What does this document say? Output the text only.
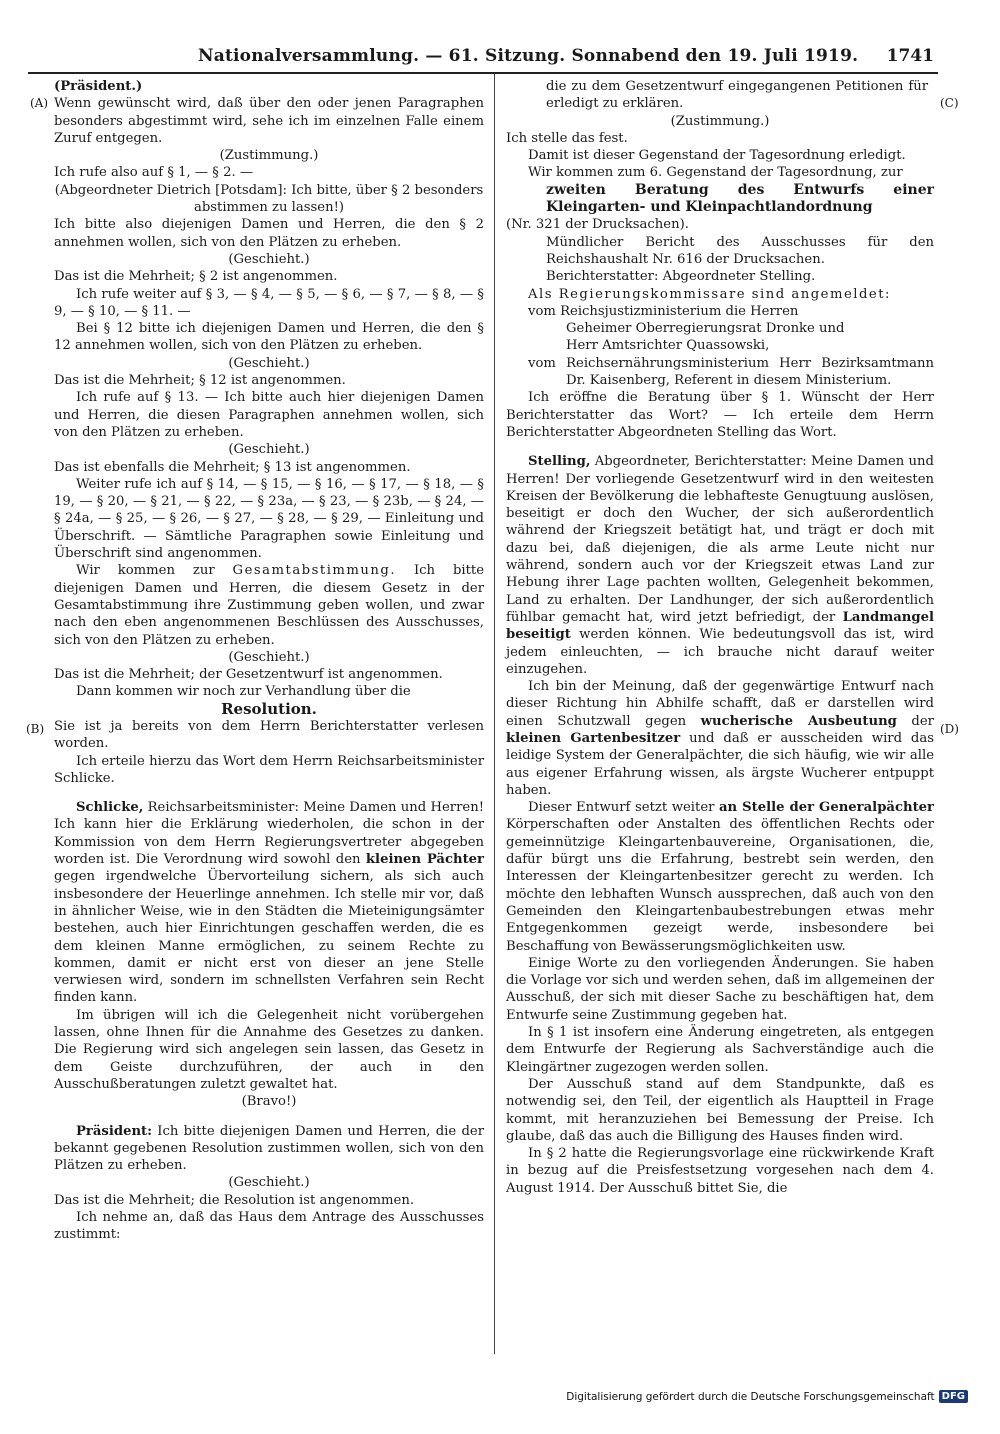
Nationalversammlung. — 61. Sitzung. Sonnabend den 19. Juli 1919. 1741
(A)
(B)
(C)
(D)

(Präsident.)

Wenn gewünscht wird, daß über den oder jenen Paragraphen besonders abgestimmt wird, sehe ich im einzelnen Falle einem Zuruf entgegen.

(Zustimmung.)

Ich rufe also auf § 1, — § 2. —

(Abgeordneter Dietrich [Potsdam]: Ich bitte, über § 2 besonders abstimmen zu lassen!)

Ich bitte also diejenigen Damen und Herren, die den § 2 annehmen wollen, sich von den Plätzen zu erheben.

(Geschieht.)

Das ist die Mehrheit; § 2 ist angenommen.

Ich rufe weiter auf § 3, — § 4, — § 5, — § 6, — § 7, — § 8, — § 9, — § 10, — § 11. —

Bei § 12 bitte ich diejenigen Damen und Herren, die den § 12 annehmen wollen, sich von den Plätzen zu erheben.

(Geschieht.)

Das ist die Mehrheit; § 12 ist angenommen.

Ich rufe auf § 13. — Ich bitte auch hier diejenigen Damen und Herren, die diesen Paragraphen annehmen wollen, sich von den Plätzen zu erheben.

(Geschieht.)

Das ist ebenfalls die Mehrheit; § 13 ist angenommen.

Weiter rufe ich auf § 14, — § 15, — § 16, — § 17, — § 18, — § 19, — § 20, — § 21, — § 22, — § 23a, — § 23, — § 23b, — § 24, — § 24a, — § 25, — § 26, — § 27, — § 28, — § 29, — Einleitung und Überschrift. — Sämtliche Paragraphen sowie Einleitung und Überschrift sind angenommen.

Wir kommen zur Gesamtabstimmung. Ich bitte diejenigen Damen und Herren, die diesem Gesetz in der Gesamtabstimmung ihre Zustimmung geben wollen, und zwar nach den eben angenommenen Beschlüssen des Ausschusses, sich von den Plätzen zu erheben.

(Geschieht.)

Das ist die Mehrheit; der Gesetzentwurf ist angenommen.

Dann kommen wir noch zur Verhandlung über die

Resolution.

Sie ist ja bereits von dem Herrn Berichterstatter verlesen worden.

Ich erteile hierzu das Wort dem Herrn Reichsarbeitsminister Schlicke.

Schlicke, Reichsarbeitsminister: Meine Damen und Herren! Ich kann hier die Erklärung wiederholen, die schon in der Kommission von dem Herrn Regierungsvertreter abgegeben worden ist. Die Verordnung wird sowohl den kleinen Pächter gegen irgendwelche Übervorteilung sichern, als sich auch insbesondere der Heuerlinge annehmen. Ich stelle mir vor, daß in ähnlicher Weise, wie in den Städten die Mieteinigungsämter bestehen, auch hier Einrichtungen geschaffen werden, die es dem kleinen Manne ermöglichen, zu seinem Rechte zu kommen, damit er nicht erst von dieser an jene Stelle verwiesen wird, sondern im schnellsten Verfahren sein Recht finden kann.

Im übrigen will ich die Gelegenheit nicht vorübergehen lassen, ohne Ihnen für die Annahme des Gesetzes zu danken. Die Regierung wird sich angelegen sein lassen, das Gesetz in dem Geiste durchzuführen, der auch in den Ausschußberatungen zuletzt gewaltet hat.

(Bravo!)

Präsident: Ich bitte diejenigen Damen und Herren, die der bekannt gegebenen Resolution zustimmen wollen, sich von den Plätzen zu erheben.

(Geschieht.)

Das ist die Mehrheit; die Resolution ist angenommen.

Ich nehme an, daß das Haus dem Antrage des Ausschusses zustimmt:

die zu dem Gesetzentwurf eingegangenen Petitionen für erledigt zu erklären.

(Zustimmung.)

Ich stelle das fest.

Damit ist dieser Gegenstand der Tagesordnung erledigt.

Wir kommen zum 6. Gegenstand der Tagesordnung, zur

zweiten Beratung des Entwurfs einer Kleingarten- und Kleinpachtlandordnung

(Nr. 321 der Drucksachen).

Mündlicher Bericht des Ausschusses für den Reichshaushalt Nr. 616 der Drucksachen.

Berichterstatter: Abgeordneter Stelling.

Als Regierungskommissare sind angemeldet:

vom Reichsjustizministerium die Herren

Geheimer Oberregierungsrat Dronke und

Herr Amtsrichter Quassowski,

vom Reichsernährungsministerium Herr Bezirksamtmann Dr. Kaisenberg, Referent in diesem Ministerium.

Ich eröffne die Beratung über § 1. Wünscht der Herr Berichterstatter das Wort? — Ich erteile dem Herrn Berichterstatter Abgeordneten Stelling das Wort.

Stelling, Abgeordneter, Berichterstatter: Meine Damen und Herren! Der vorliegende Gesetzentwurf wird in den weitesten Kreisen der Bevölkerung die lebhafteste Genugtuung auslösen, beseitigt er doch den Wucher, der sich außerordentlich während der Kriegszeit betätigt hat, und trägt er doch mit dazu bei, daß diejenigen, die als arme Leute nicht nur während, sondern auch vor der Kriegszeit etwas Land zur Hebung ihrer Lage pachten wollten, Gelegenheit bekommen, Land zu erhalten. Der Landhunger, der sich außerordentlich fühlbar gemacht hat, wird jetzt befriedigt, der Landmangel beseitigt werden können. Wie bedeutungsvoll das ist, wird jedem einleuchten, — ich brauche nicht darauf weiter einzugehen.

Ich bin der Meinung, daß der gegenwärtige Entwurf nach dieser Richtung hin Abhilfe schafft, daß er darstellen wird einen Schutzwall gegen wucherische Ausbeutung der kleinen Gartenbesitzer und daß er ausscheiden wird das leidige System der Generalpächter, die sich häufig, wie wir alle aus eigener Erfahrung wissen, als ärgste Wucherer entpuppt haben.

Dieser Entwurf setzt weiter an Stelle der Generalpächter Körperschaften oder Anstalten des öffentlichen Rechts oder gemeinnützige Kleingartenbauvereine, Organisationen, die, dafür bürgt uns die Erfahrung, bestrebt sein werden, den Interessen der Kleingartenbesitzer gerecht zu werden. Ich möchte den lebhaften Wunsch aussprechen, daß auch von den Gemeinden den Kleingartenbaubestrebungen etwas mehr Entgegenkommen gezeigt werde, insbesondere bei Beschaffung von Bewässerungsmöglichkeiten usw.

Einige Worte zu den vorliegenden Änderungen. Sie haben die Vorlage vor sich und werden sehen, daß im allgemeinen der Ausschuß, der sich mit dieser Sache zu beschäftigen hat, dem Entwurfe seine Zustimmung gegeben hat.

In § 1 ist insofern eine Änderung eingetreten, als entgegen dem Entwurfe der Regierung als Sachverständige auch die Kleingärtner zugezogen werden sollen.

Der Ausschuß stand auf dem Standpunkte, daß es notwendig sei, den Teil, der eigentlich als Hauptteil in Frage kommt, mit heranzuziehen bei Bemessung der Preise. Ich glaube, daß das auch die Billigung des Hauses finden wird.

In § 2 hatte die Regierungsvorlage eine rückwirkende Kraft in bezug auf die Preisfestsetzung vorgesehen nach dem 4. August 1914. Der Ausschuß bittet Sie, die

Digitalisierung gefördert durch die Deutsche Forschungsgemeinschaft DFG
